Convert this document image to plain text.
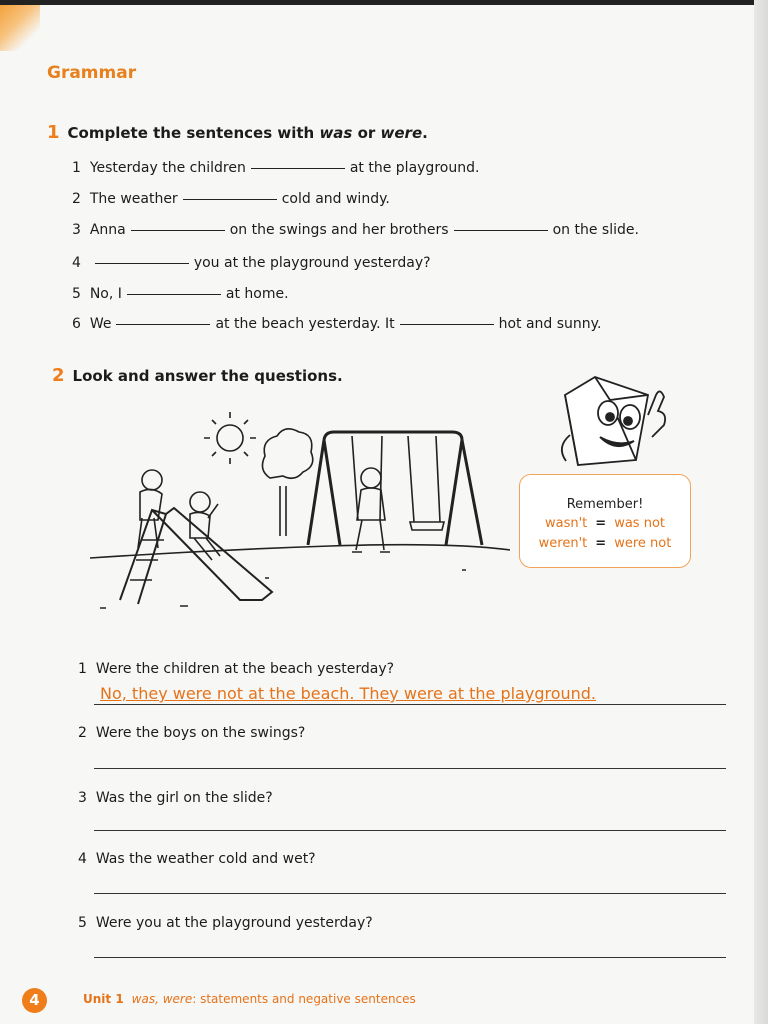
Grammar
1 Complete the sentences with was or were.
1 Yesterday the children	at the playground.
2 The weather	cold and windy.
3 Anna	on the swings and her brothers	on the slide.
4	you at the playground yesterday?
5 No, I	at home.
6 We	at the beach yesterday. It	hot and sunny.
2 Look and answer the questions.
Remember!
wasn't = was not
weren't = were not
1 Were the children at the beach yesterday?
No, they were not at the beach. They were at the playground.
2 Were the boys on the swings?
3 Was the girl on the slide?
4 Was the weather cold and wet?
5 Were you at the playground yesterday?
4	Unit 1 was, were: statements and negative sentences
